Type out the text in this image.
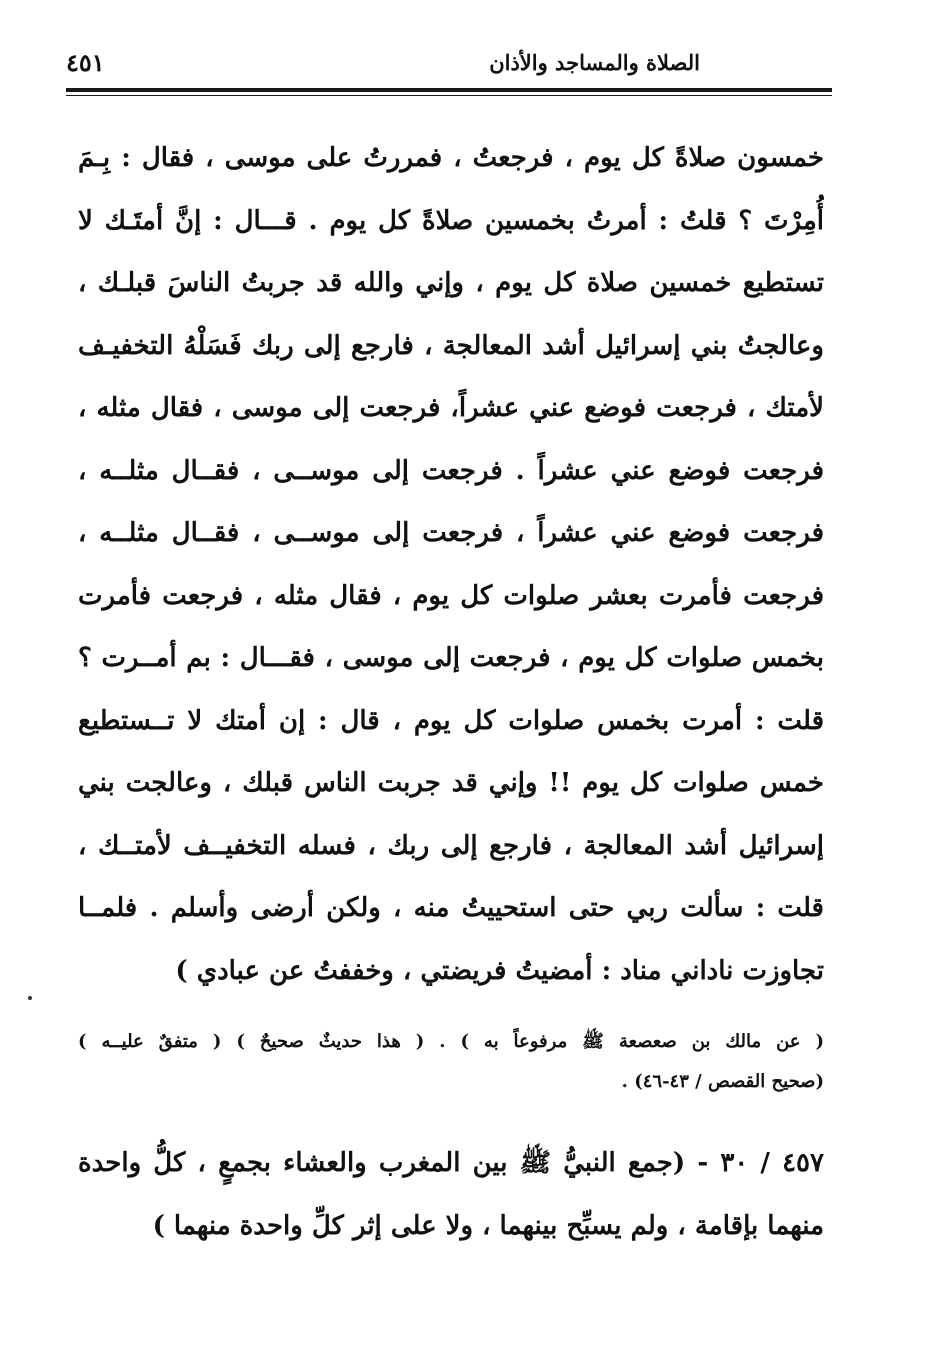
الصلاة والمساجد والأذان
٤٥١
خمسون صلاةً كل يوم ، فرجعتُ ، فمررتُ على موسى ، فقال : بِـمَ
أُمِرْتَ ؟ قلتُ : أمرتُ بخمسين صلاةً كل يوم . قـــال : إنَّ أمتَـك لا
تستطيع خمسين صلاة كل يوم ، وإني والله قد جربتُ الناسَ قبلـك ،
وعالجتُ بني إسرائيل أشد المعالجة ، فارجع إلى ربك فَسَلْهُ التخفيـف
لأمتك ، فرجعت فوضع عني عشراً، فرجعت إلى موسى ، فقال مثله ،
فرجعت فوضع عني عشراً . فرجعت إلى موســى ، فقــال مثلــه ،
فرجعت فوضع عني عشراً ، فرجعت إلى موســى ، فقــال مثلــه ،
فرجعت فأمرت بعشر صلوات كل يوم ، فقال مثله ، فرجعت فأمرت
بخمس صلوات كل يوم ، فرجعت إلى موسى ، فقـــال : بم أمــرت ؟
قلت : أمرت بخمس صلوات كل يوم ، قال : إن أمتك لا تــستطيع
خمس صلوات كل يوم !! وإني قد جربت الناس قبلك ، وعالجت بني
إسرائيل أشد المعالجة ، فارجع إلى ربك ، فسله التخفيــف لأمتــك ،
قلت : سألت ربي حتى استحييتُ منه ، ولكن أرضى وأسلم . فلمــا
تجاوزت ناداني مناد : أمضيتُ فريضتي ، وخففتُ عن عبادي )
( عن مالك بن صعصعة ﷺ مرفوعاً به ) . ( هذا حديثٌ صحيحٌ ) ( متفقٌ عليــه )
(صحيح القصص / ٤٣-٤٦) .
٤٥٧ / ٣٠ - (جمع النبيُّ ﷺ بين المغرب والعشاء بجمعٍ ، كلُّ واحدة
منهما بإقامة ، ولم يسبِّح بينهما ، ولا على إثر كلِّ واحدة منهما )
